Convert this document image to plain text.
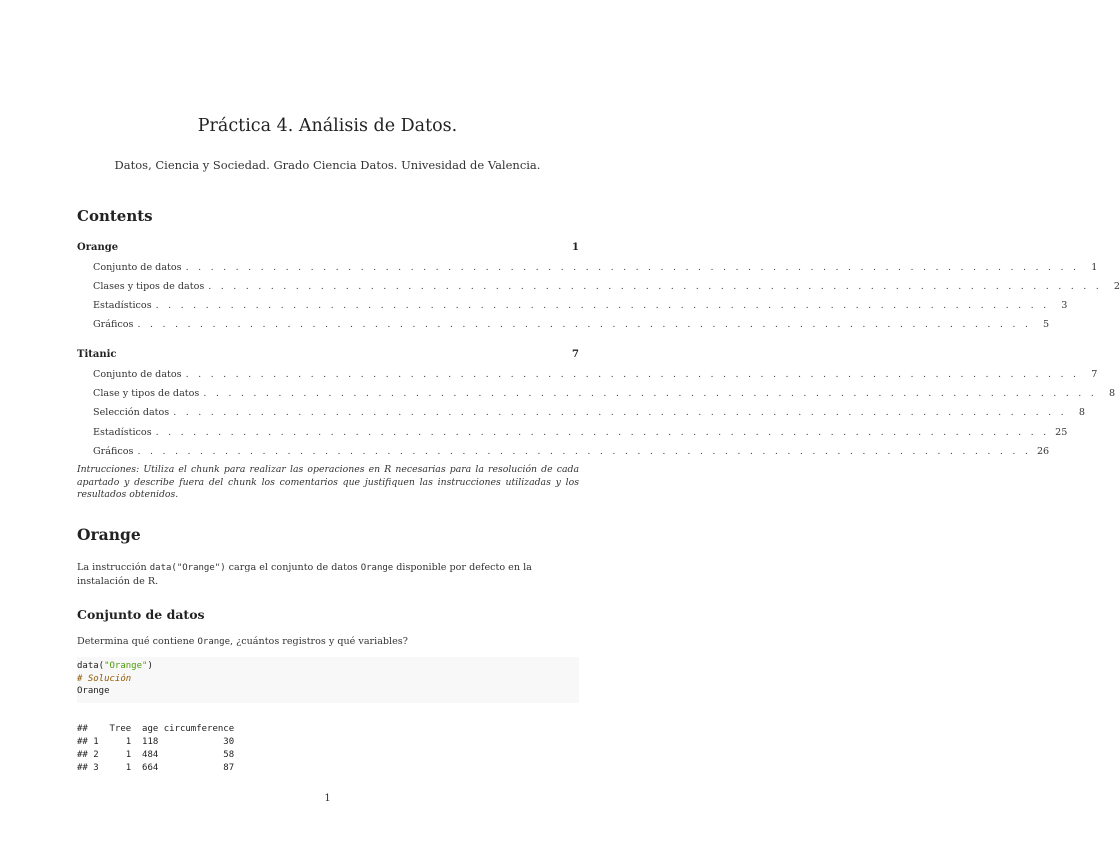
Práctica 4. Análisis de Datos.
Datos, Ciencia y Sociedad. Grado Ciencia Datos. Univesidad de Valencia.
Contents
Orange	1
Conjunto de datos . . . . . . . . . . . . . . . . . . . . . . . . . . . . . . . . . . . . . . . . . . . . . . . . . . . . . . . . . . . . . . . . . . . . . . . .	1
Clases y tipos de datos . . . . . . . . . . . . . . . . . . . . . . . . . . . . . . . . . . . . . . . . . . . . . . . . . . . . . . . . . . . . . . . . . . . . . . . .	2
Estadísticos . . . . . . . . . . . . . . . . . . . . . . . . . . . . . . . . . . . . . . . . . . . . . . . . . . . . . . . . . . . . . . . . . . . . . . . .	3
Gráficos . . . . . . . . . . . . . . . . . . . . . . . . . . . . . . . . . . . . . . . . . . . . . . . . . . . . . . . . . . . . . . . . . . . . . . . .	5
Titanic	7
Conjunto de datos . . . . . . . . . . . . . . . . . . . . . . . . . . . . . . . . . . . . . . . . . . . . . . . . . . . . . . . . . . . . . . . . . . . . . . . .	7
Clase y tipos de datos . . . . . . . . . . . . . . . . . . . . . . . . . . . . . . . . . . . . . . . . . . . . . . . . . . . . . . . . . . . . . . . . . . . . . . . .	8
Selección datos . . . . . . . . . . . . . . . . . . . . . . . . . . . . . . . . . . . . . . . . . . . . . . . . . . . . . . . . . . . . . . . . . . . . . . . .	8
Estadísticos . . . . . . . . . . . . . . . . . . . . . . . . . . . . . . . . . . . . . . . . . . . . . . . . . . . . . . . . . . . . . . . . . . . . . . . . 25
Gráficos . . . . . . . . . . . . . . . . . . . . . . . . . . . . . . . . . . . . . . . . . . . . . . . . . . . . . . . . . . . . . . . . . . . . . . . . 26
Intrucciones: Utiliza el chunk para realizar las operaciones en R necesarias para la resolución de cada apartado y describe fuera del chunk los comentarios que justifiquen las instrucciones utilizadas y los resultados obtenidos.
Orange
La instrucción data("Orange") carga el conjunto de datos Orange disponible por defecto en la instalación de R.
Conjunto de datos
Determina qué contiene Orange, ¿cuántos registros y qué variables?
data("Orange")
# Solución
Orange
##    Tree  age circumference
## 1     1  118            30
## 2     1  484            58
## 3     1  664            87
1
